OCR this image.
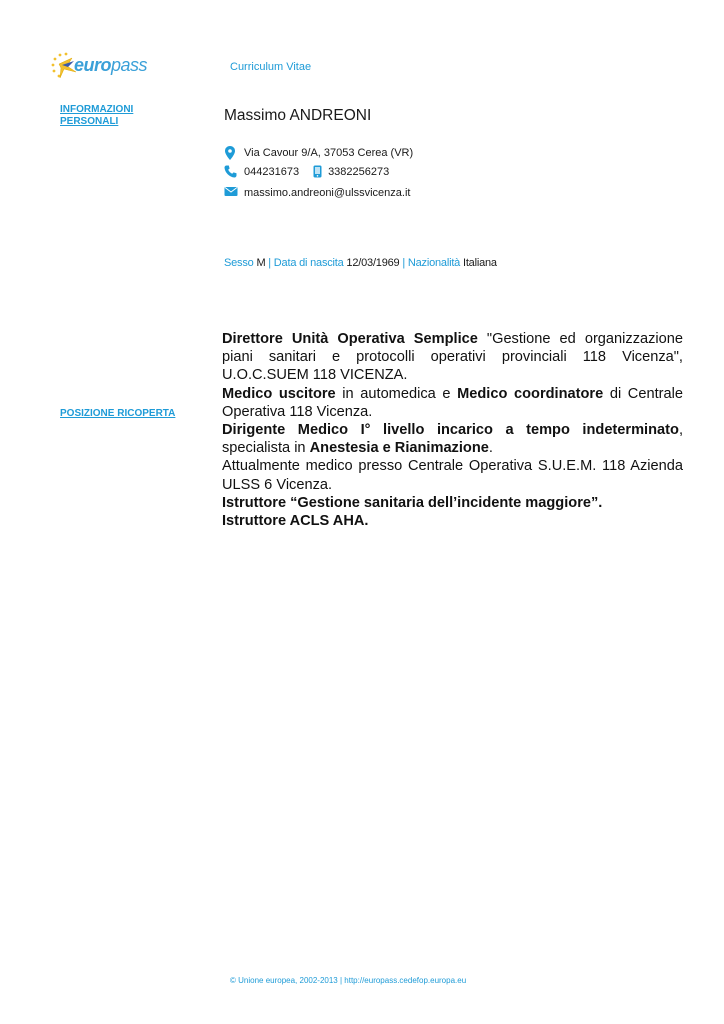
europass	Curriculum Vitae
INFORMAZIONI PERSONALI	Massimo ANDREONI
Via Cavour 9/A, 37053 Cerea (VR)
044231673	3382256273
massimo.andreoni@ulssvicenza.it
Sesso M | Data di nascita 12/03/1969 | Nazionalità Italiana
POSIZIONE RICOPERTA

Direttore Unità Operativa Semplice "Gestione ed organizzazione piani sanitari e protocolli operativi provinciali 118 Vicenza", U.O.C.SUEM 118 VICENZA.

Medico uscitore in automedica e Medico coordinatore di Centrale Operativa 118 Vicenza.

Dirigente Medico I° livello incarico a tempo indeterminato, specialista in Anestesia e Rianimazione.

Attualmente medico presso Centrale Operativa S.U.E.M. 118 Azienda ULSS 6 Vicenza.

Istruttore “Gestione sanitaria dell’incidente maggiore”.

Istruttore ACLS AHA.

© Unione europea, 2002-2013 | http://europass.cedefop.europa.eu
